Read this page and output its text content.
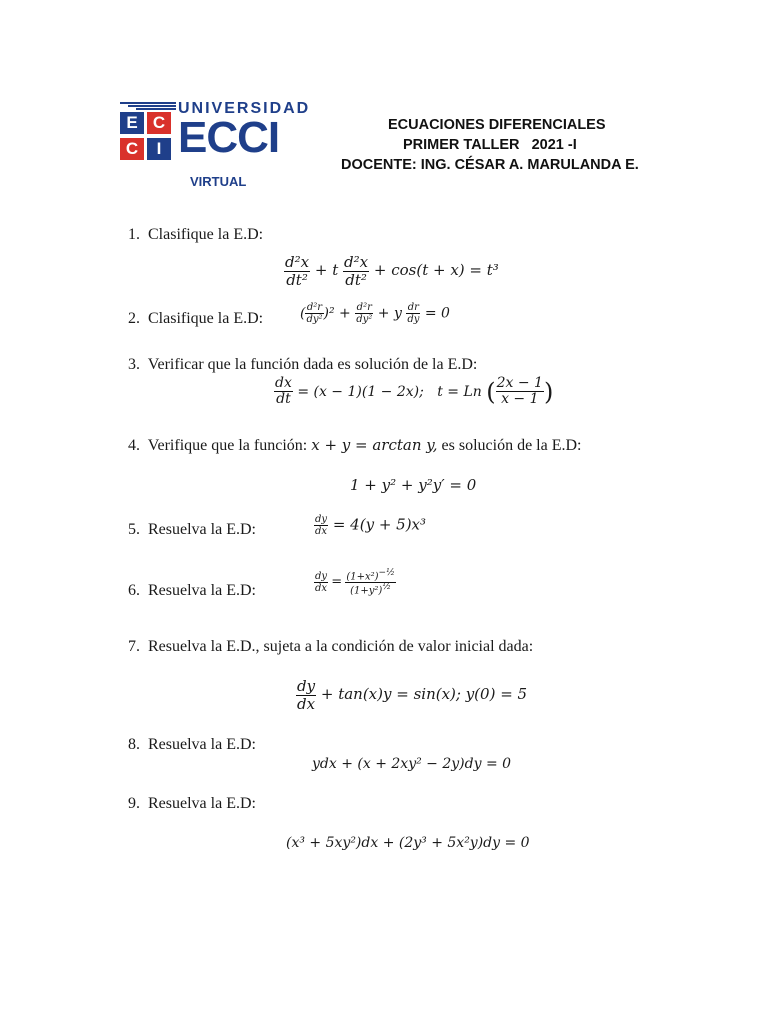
UNIVERSIDAD
E C
C	I ECCI
VIRTUAL
ECUACIONES DIFERENCIALES
PRIMER TALLER   2021 -I
DOCENTE: ING. CÉSAR A. MARULANDA E.
1. Clasifique la E.D:
$\frac{\text{d²x}}{\text{dt²}} + t \frac{\text{d²x}}{\text{dt²}} + \cos(t + x) = t^3$
2. Clasifique la E.D:	( $\frac{\text{d²r}}{\text{dy²}} )^2 + \frac{\text{d²r}}{\text{dy²}} + y \frac{dr}{dy} = 0$
3. Verificar que la función dada es solución de la E.D:
$\frac{dx}{dt} = (x - 1)(1 - 2x)$; t = Ln ( $\frac{2x - 1}{x - 1}$ )
4. Verifique que la función: x + y = arctan y, es solución de la E.D:
1 + y² + y²y′ = 0
5. Resuelva la E.D:	$\frac{dy}{dx} = 4(y + 5)x^3$
6. Resuelva la E.D:	$\frac{dy}{dx} = \frac{(1+x^2)^{-\frac{1}{2}}}{(1+y^2)^{\frac{1}{2}}}$
7. Resuelva la E.D., sujeta a la condición de valor inicial dada:
$\frac{dy}{dx} + \tan(x)y = \sin(x)$; y(0) = 5
8. Resuelva la E.D:
ydx + (x + 2xy² − 2y)dy = 0
9. Resuelva la E.D:
(x³ + 5xy²)dx + (2y³ + 5x²y)dy = 0
